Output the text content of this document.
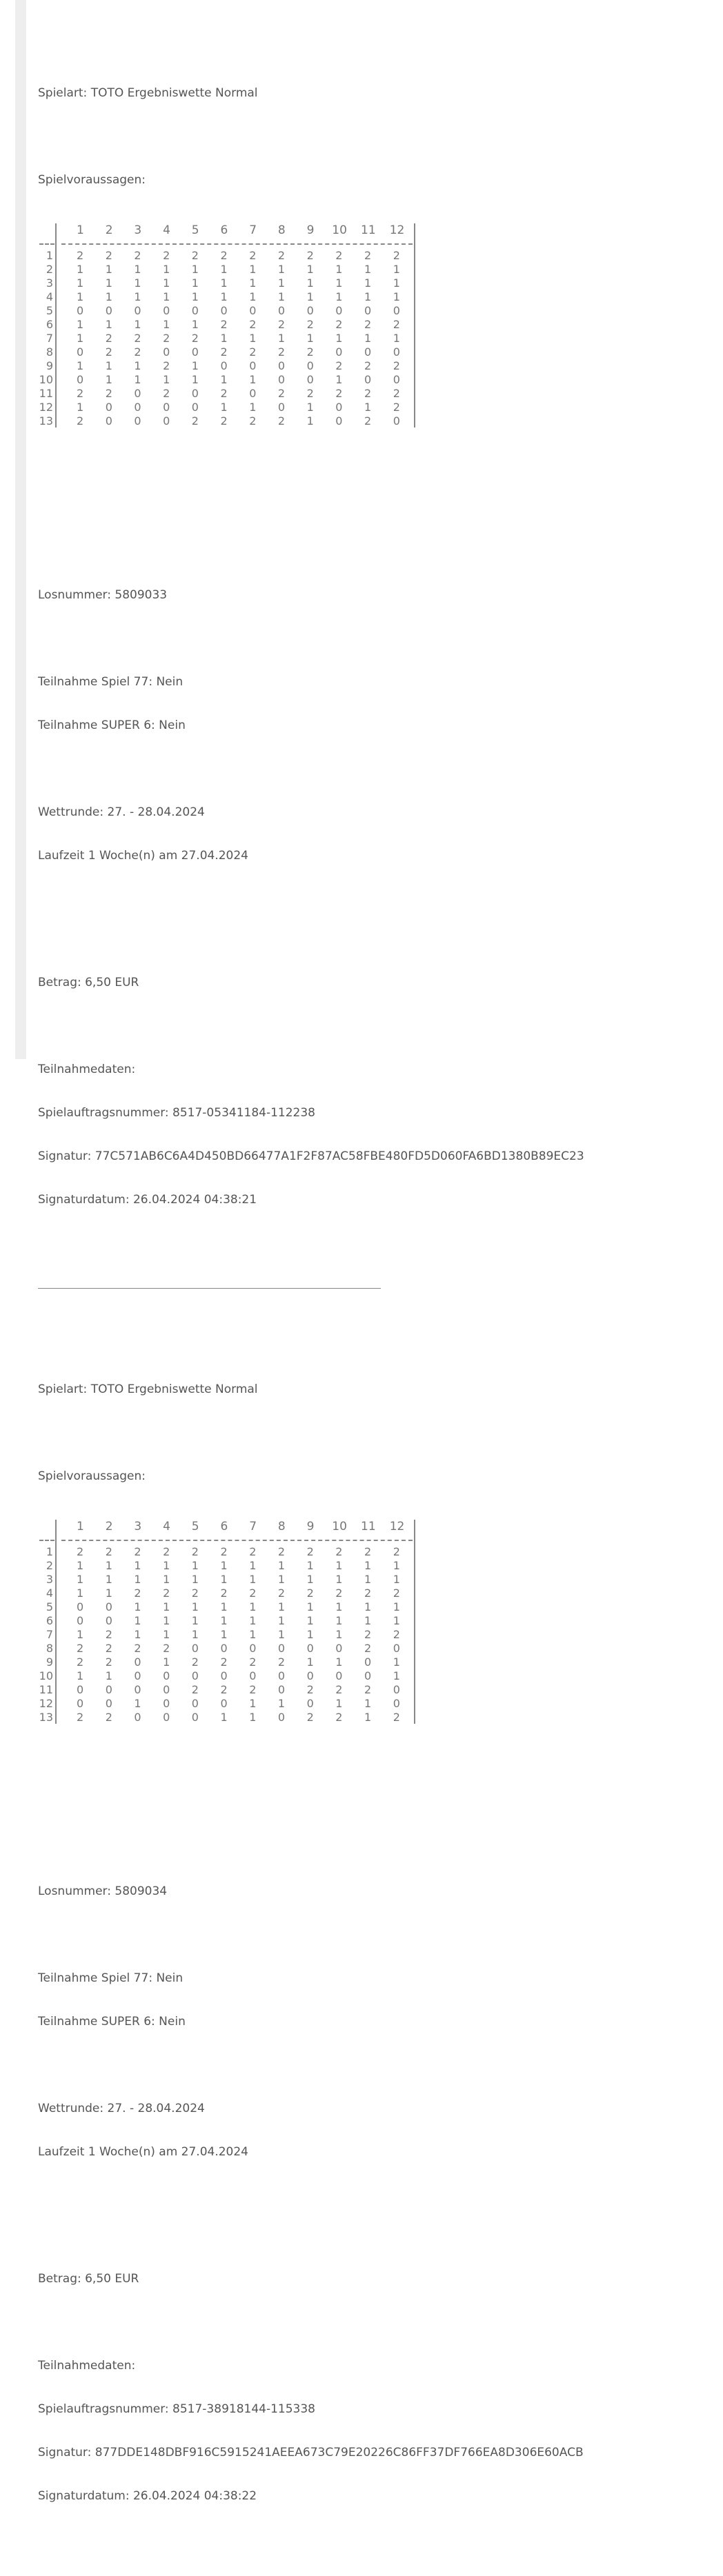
Spielart: TOTO Ergebniswette Normal

Spielvoraussagen:

1 2 3 4 5 6 7 8 9 10 11 12
1 2 2 2 2 2 2 2 2 2 2 2 2
2 1 1 1 1 1 1 1 1 1 1 1 1
3 1 1 1 1 1 1 1 1 1 1 1 1
4 1 1 1 1 1 1 1 1 1 1 1 1
5 0 0 0 0 0 0 0 0 0 0 0 0
6 1 1 1 1 1 2 2 2 2 2 2 2
7 1 2 2 2 2 1 1 1 1 1 1 1
8 0 2 2 0 0 2 2 2 2 0 0 0
9 1 1 1 2 1 0 0 0 0 2 2 2
10 0 1 1 1 1 1 1 0 0 1 0 0
11 2 2 0 2 0 2 0 2 2 2 2 2
12 1 0 0 0 0 1 1 0 1 0 1 2
13 2 0 0 0 2 2 2 2 1 0 2 0

Losnummer: 5809033

Teilnahme Spiel 77: Nein

Teilnahme SUPER 6: Nein

Wettrunde: 27. - 28.04.2024

Laufzeit 1 Woche(n) am 27.04.2024

Betrag: 6,50 EUR

Teilnahmedaten:

Spielauftragsnummer: 8517-05341184-112238

Signatur: 77C571AB6C6A4D450BD66477A1F2F87AC58FBE480FD5D060FA6BD1380B89EC23

Signaturdatum: 26.04.2024 04:38:21

Spielart: TOTO Ergebniswette Normal

Spielvoraussagen:

1 2 3 4 5 6 7 8 9 10 11 12
1 2 2 2 2 2 2 2 2 2 2 2 2
2 1 1 1 1 1 1 1 1 1 1 1 1
3 1 1 1 1 1 1 1 1 1 1 1 1
4 1 1 2 2 2 2 2 2 2 2 2 2
5 0 0 1 1 1 1 1 1 1 1 1 1
6 0 0 1 1 1 1 1 1 1 1 1 1
7 1 2 1 1 1 1 1 1 1 1 2 2
8 2 2 2 2 0 0 0 0 0 0 2 0
9 2 2 0 1 2 2 2 2 1 1 0 1
10 1 1 0 0 0 0 0 0 0 0 0 1
11 0 0 0 0 2 2 2 0 2 2 2 0
12 0 0 1 0 0 0 1 1 0 1 1 0
13 2 2 0 0 0 1 1 0 2 2 1 2

Losnummer: 5809034

Teilnahme Spiel 77: Nein

Teilnahme SUPER 6: Nein

Wettrunde: 27. - 28.04.2024

Laufzeit 1 Woche(n) am 27.04.2024

Betrag: 6,50 EUR

Teilnahmedaten:

Spielauftragsnummer: 8517-38918144-115338

Signatur: 877DDE148DBF916C5915241AEEA673C79E20226C86FF37DF766EA8D306E60ACB

Signaturdatum: 26.04.2024 04:38:22
